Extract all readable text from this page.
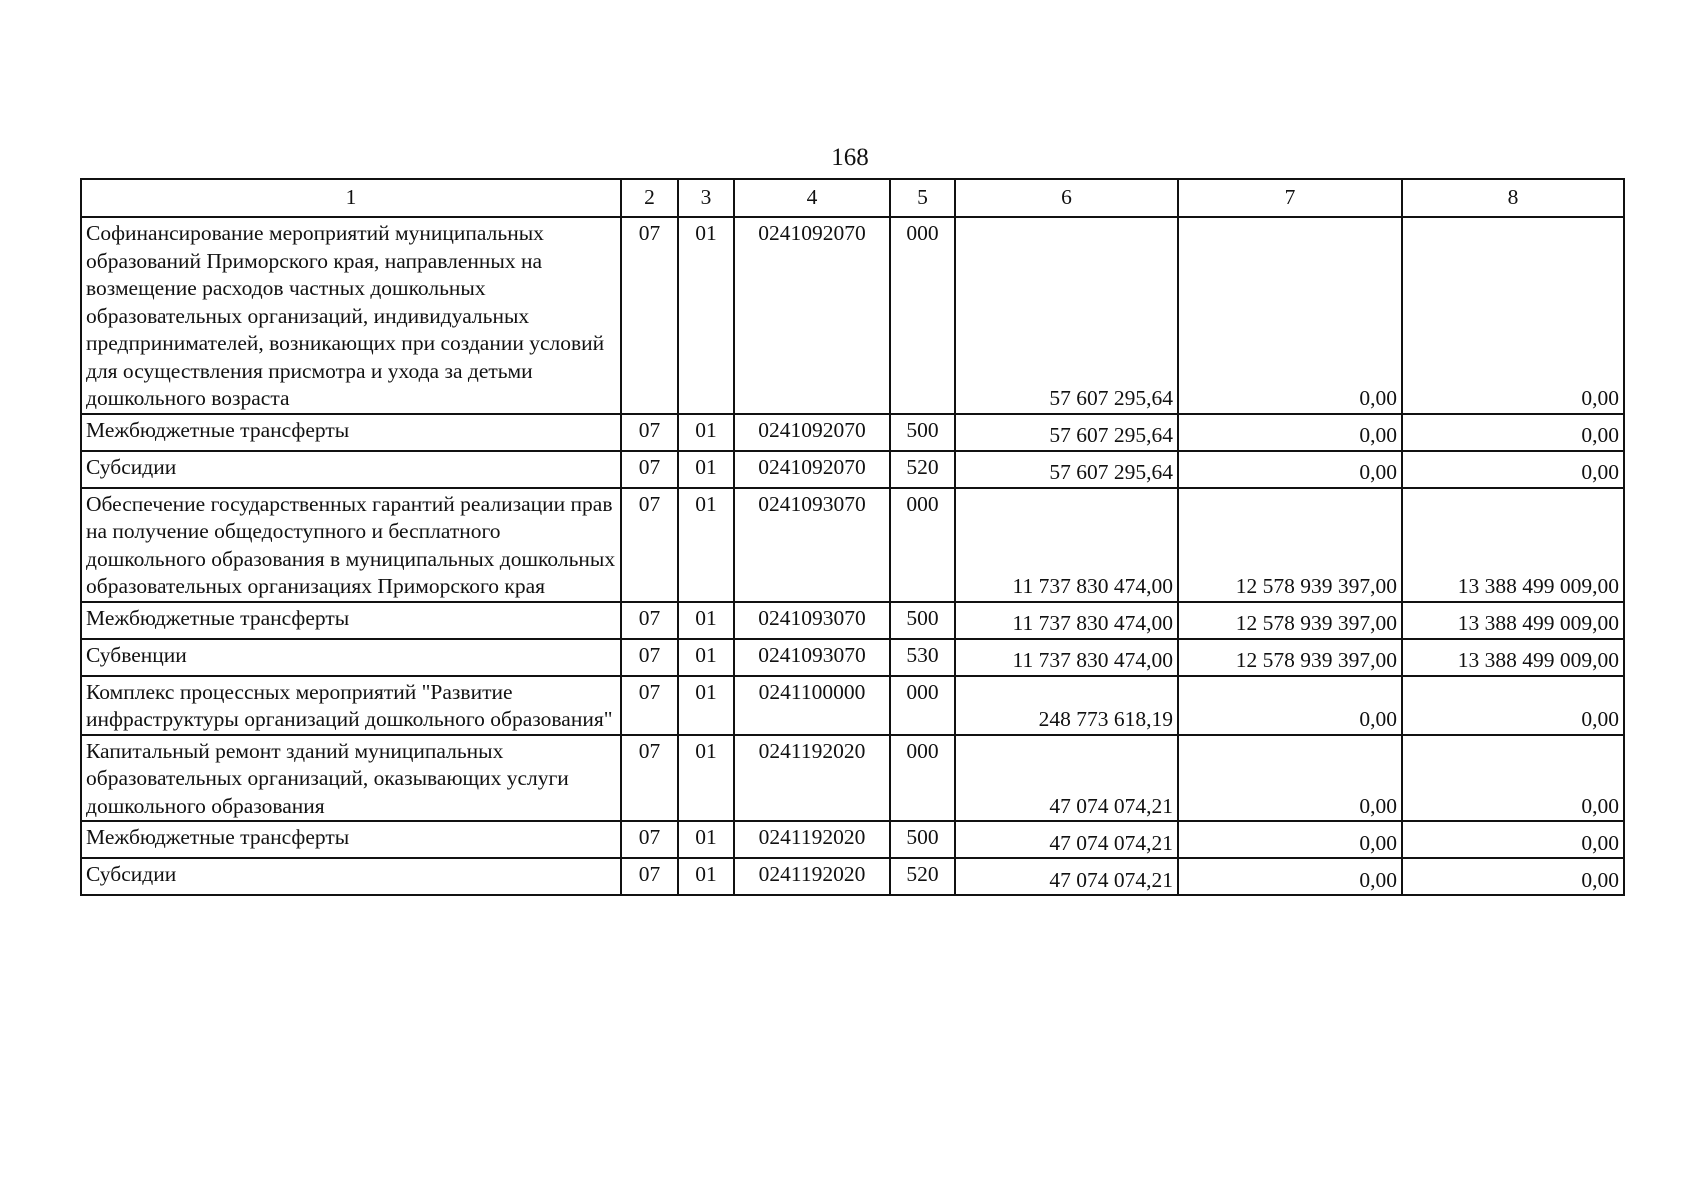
168
1	2	3	4	5	6	7	8
Софинансирование мероприятий муниципальных образований Приморского края, направленных на возмещение расходов частных дошкольных образовательных организаций, индивидуальных предпринимателей, возникающих при создании условий для осуществления присмотра и ухода за детьми дошкольного возраста	07	01	0241092070	000	57 607 295,64	0,00	0,00
Межбюджетные трансферты	07	01	0241092070	500	57 607 295,64	0,00	0,00
Субсидии	07	01	0241092070	520	57 607 295,64	0,00	0,00
Обеспечение государственных гарантий реализации прав на получение общедоступного и бесплатного дошкольного образования в муниципальных дошкольных образовательных организациях Приморского края	07	01	0241093070	000	11 737 830 474,00	12 578 939 397,00	13 388 499 009,00
Межбюджетные трансферты	07	01	0241093070	500	11 737 830 474,00	12 578 939 397,00	13 388 499 009,00
Субвенции	07	01	0241093070	530	11 737 830 474,00	12 578 939 397,00	13 388 499 009,00
Комплекс процессных мероприятий "Развитие инфраструктуры организаций дошкольного образования"	07	01	0241100000	000	248 773 618,19	0,00	0,00
Капитальный ремонт зданий муниципальных образовательных организаций, оказывающих услуги дошкольного образования	07	01	0241192020	000	47 074 074,21	0,00	0,00
Межбюджетные трансферты	07	01	0241192020	500	47 074 074,21	0,00	0,00
Субсидии	07	01	0241192020	520	47 074 074,21	0,00	0,00
